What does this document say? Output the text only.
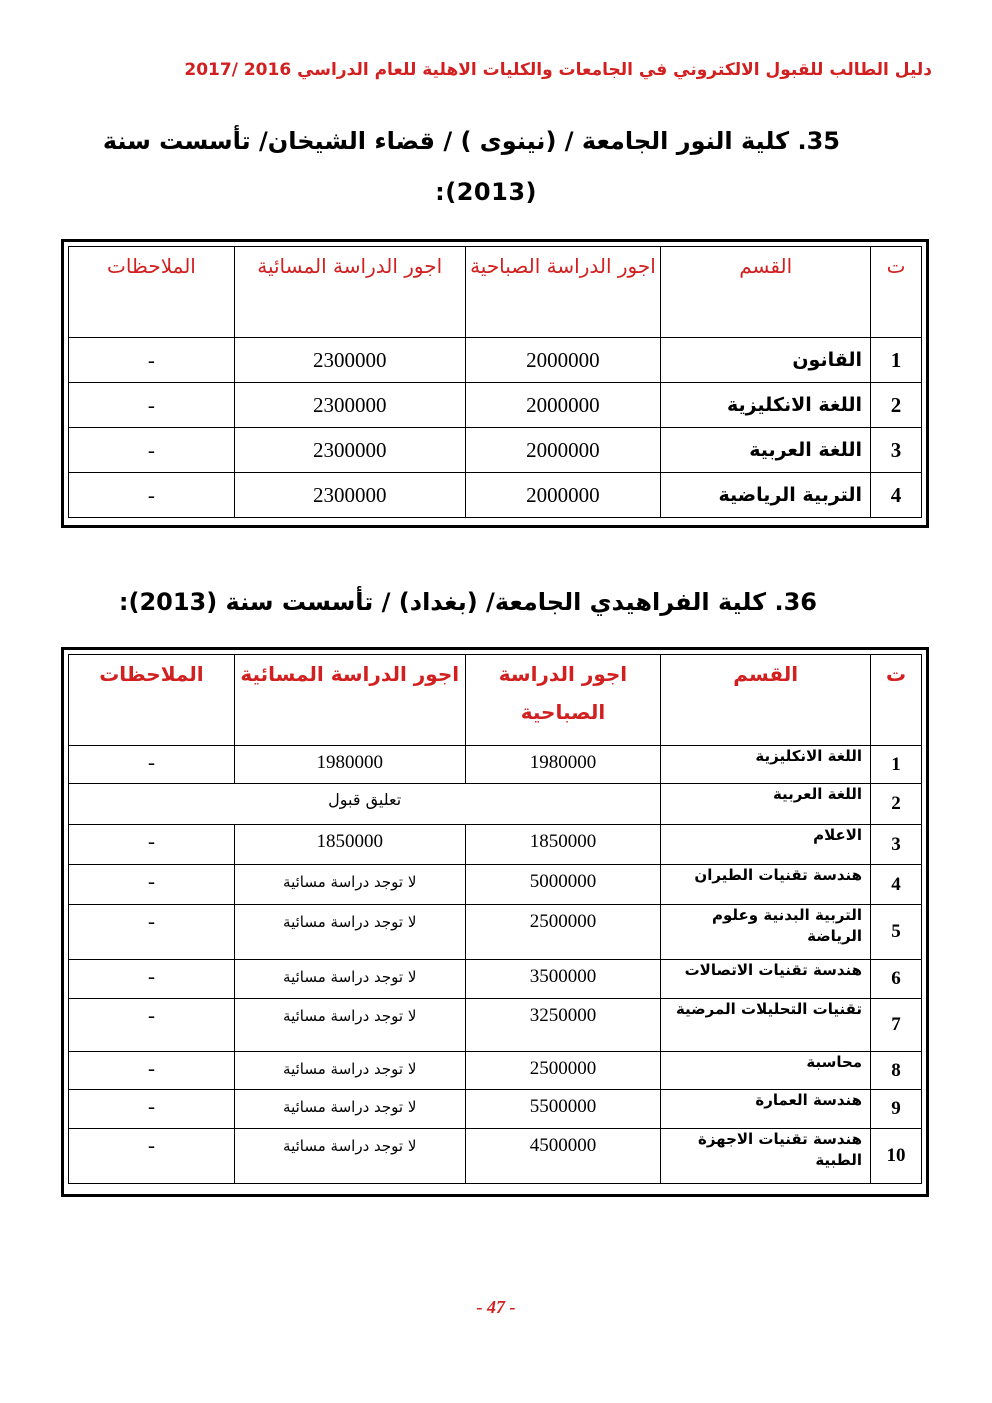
دليل الطالب للقبول الالكتروني في الجامعات والكليات الاهلية للعام الدراسي 2016 /2017
35. كلية النور الجامعة / (نينوى ) / قضاء الشيخان/ تأسست سنة
(2013):
ت	القسم	اجور الدراسة الصباحية	اجور الدراسة المسائية	الملاحظات
1	القانون	2000000	2300000	-
2	اللغة الانكليزية	2000000	2300000	-
3	اللغة العربية	2000000	2300000	-
4	التربية الرياضية	2000000	2300000	-
36. كلية الفراهيدي الجامعة/ (بغداد) / تأسست سنة (2013):
ت	القسم	اجور الدراسة الصباحية	اجور الدراسة المسائية	الملاحظات
1	اللغة الانكليزية	1980000	1980000	-
2	اللغة العربية	تعليق قبول		
3	الاعلام	1850000	1850000	-
4	هندسة تقنيات الطيران	5000000	لا توجد دراسة مسائية	-
5	التربية البدنية وعلوم الرياضة	2500000	لا توجد دراسة مسائية	-
6	هندسة تقنيات الاتصالات	3500000	لا توجد دراسة مسائية	-
7	تقنيات التحليلات المرضية	3250000	لا توجد دراسة مسائية	-
8	محاسبة	2500000	لا توجد دراسة مسائية	-
9	هندسة العمارة	5500000	لا توجد دراسة مسائية	-
10	هندسة تقنيات الاجهزة الطبية	4500000	لا توجد دراسة مسائية	-
- 47 -
